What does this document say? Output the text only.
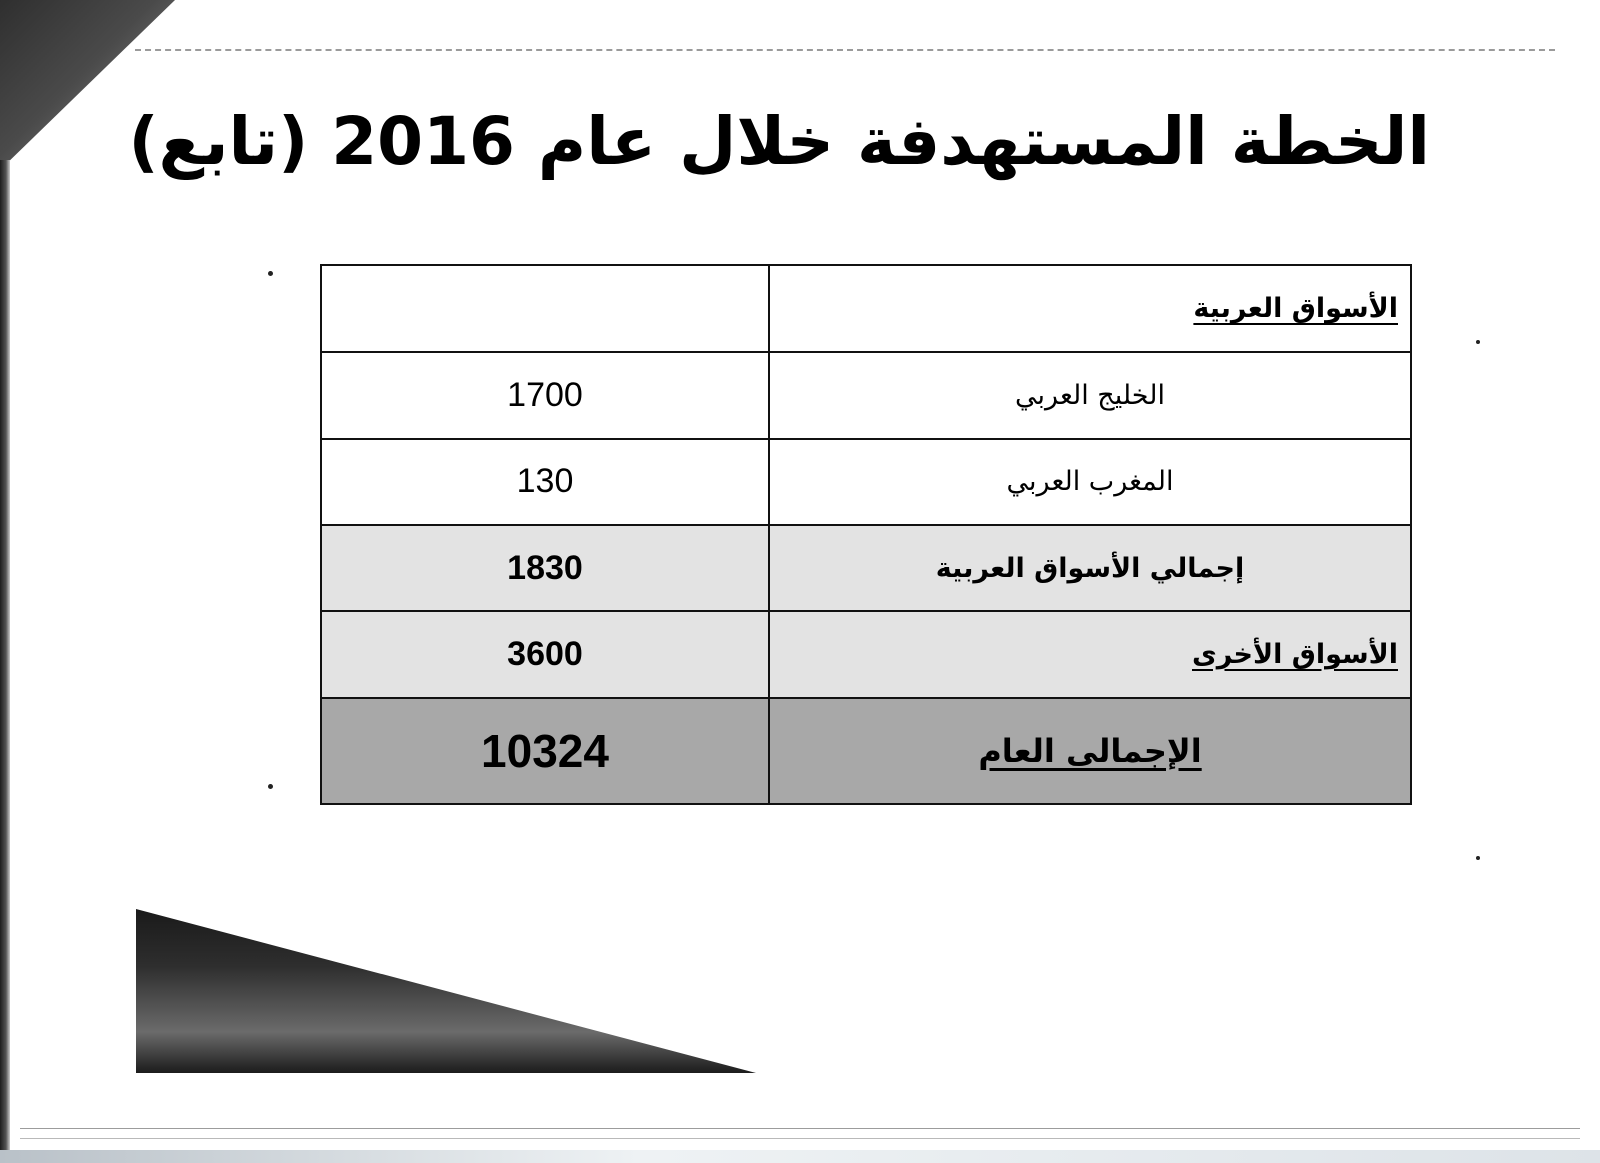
الخطة المستهدفة خلال عام 2016 (تابع)
الأسواق العربية	
الخليج العربي	1700
المغرب العربي	130
إجمالي الأسواق العربية	1830
الأسواق الأخرى	3600
الإجمالى العام	10324
